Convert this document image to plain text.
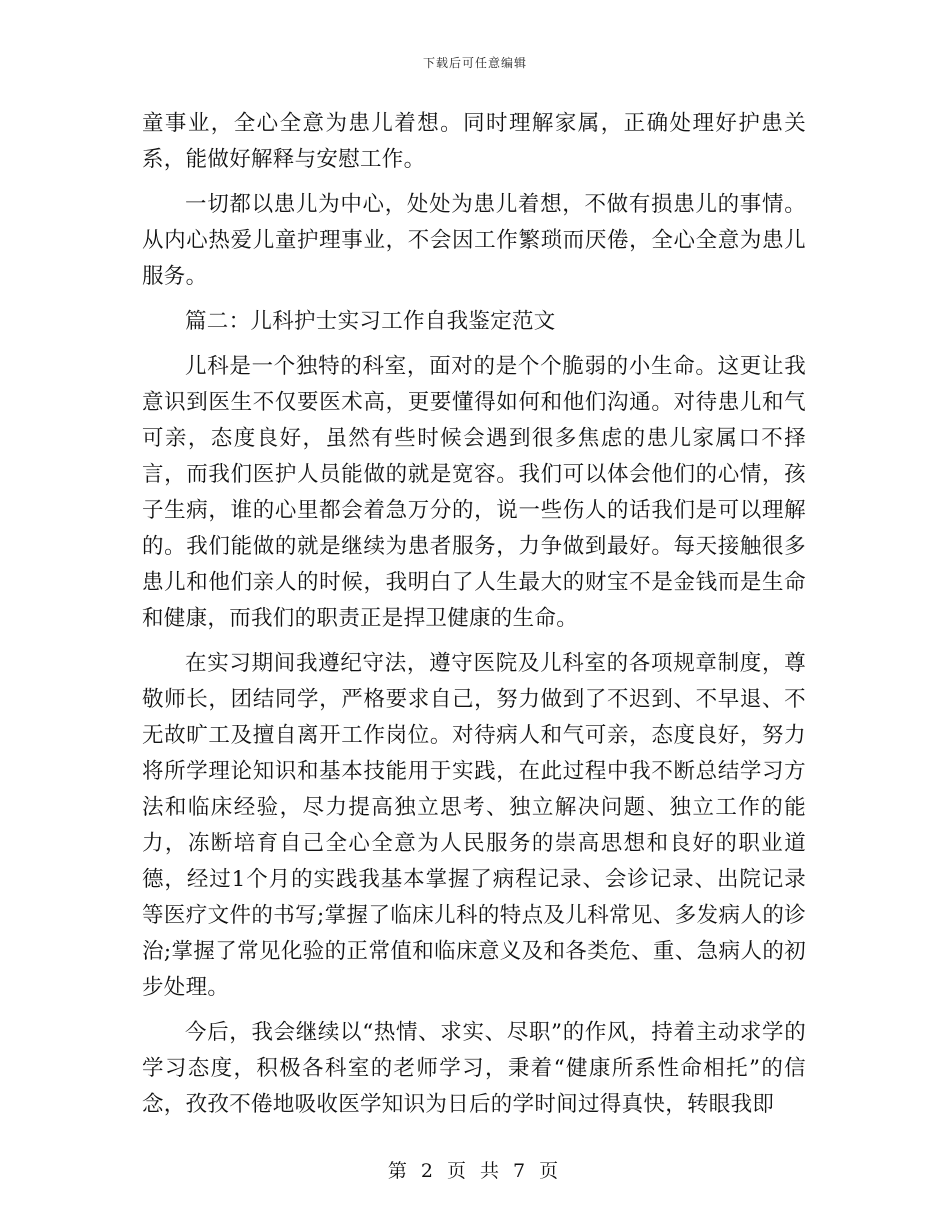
下载后可任意编辑

童事业，全心全意为患儿着想。同时理解家属，正确处理好护患关系，能做好解释与安慰工作。

一切都以患儿为中心，处处为患儿着想，不做有损患儿的事情。从内心热爱儿童护理事业，不会因工作繁琐而厌倦，全心全意为患儿服务。

篇二：儿科护士实习工作自我鉴定范文

儿科是一个独特的科室，面对的是个个脆弱的小生命。这更让我意识到医生不仅要医术高，更要懂得如何和他们沟通。对待患儿和气可亲，态度良好，虽然有些时候会遇到很多焦虑的患儿家属口不择言，而我们医护人员能做的就是宽容。我们可以体会他们的心情，孩子生病，谁的心里都会着急万分的，说一些伤人的话我们是可以理解的。我们能做的就是继续为患者服务，力争做到最好。每天接触很多患儿和他们亲人的时候，我明白了人生最大的财宝不是金钱而是生命和健康，而我们的职责正是捍卫健康的生命。

在实习期间我遵纪守法，遵守医院及儿科室的各项规章制度，尊敬师长，团结同学，严格要求自己，努力做到了不迟到、不早退、不无故旷工及擅自离开工作岗位。对待病人和气可亲，态度良好，努力将所学理论知识和基本技能用于实践，在此过程中我不断总结学习方法和临床经验，尽力提高独立思考、独立解决问题、独立工作的能力，冻断培育自己全心全意为人民服务的崇高思想和良好的职业道德，经过1个月的实践我基本掌握了病程记录、会诊记录、出院记录等医疗文件的书写;掌握了临床儿科的特点及儿科常见、多发病人的诊治;掌握了常见化验的正常值和临床意义及和各类危、重、急病人的初步处理。

今后，我会继续以“热情、求实、尽职”的作风，持着主动求学的学习态度，积极各科室的老师学习，秉着“健康所系性命相托”的信念，孜孜不倦地吸收医学知识为日后的学时间过得真快，转眼我即

第 2 页 共 7 页
